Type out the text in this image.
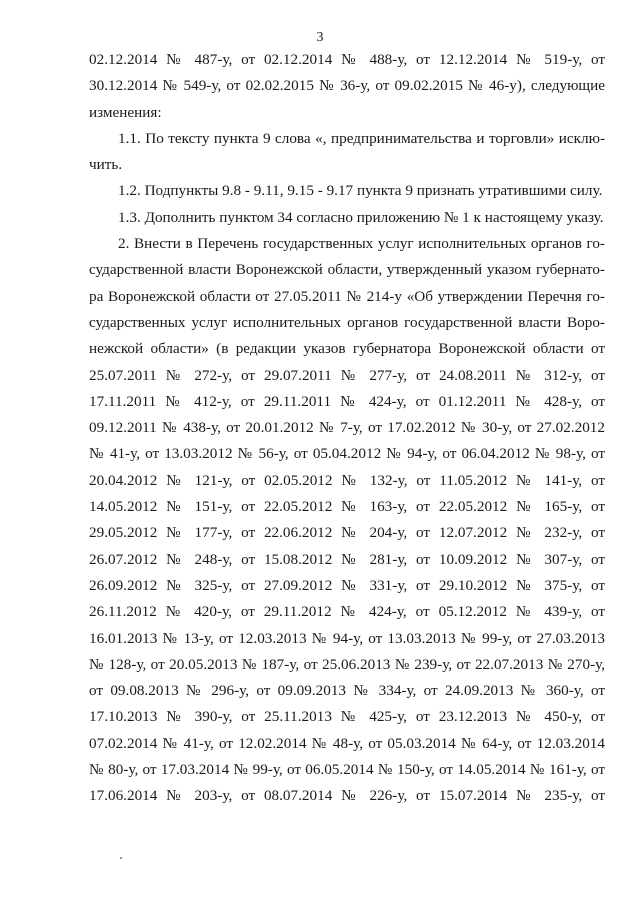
3
02.12.2014 № 487-у, от 02.12.2014 № 488-у, от 12.12.2014 № 519-у, от
30.12.2014 № 549-у, от 02.02.2015 № 36-у, от 09.02.2015 № 46-у), следующие
изменения:
1.1. По тексту пункта 9 слова «, предпринимательства и торговли» исклю-
чить.
1.2. Подпункты 9.8 - 9.11, 9.15 - 9.17 пункта 9 признать утратившими силу.
1.3. Дополнить пунктом 34 согласно приложению № 1 к настоящему указу.
2. Внести в Перечень государственных услуг исполнительных органов го-
сударственной власти Воронежской области, утвержденный указом губернато-
ра Воронежской области от 27.05.2011 № 214-у «Об утверждении Перечня го-
сударственных услуг исполнительных органов государственной власти Воро-
нежской области» (в редакции указов губернатора Воронежской области от
25.07.2011 № 272-у, от 29.07.2011 № 277-у, от 24.08.2011 № 312-у, от
17.11.2011 № 412-у, от 29.11.2011 № 424-у, от 01.12.2011 № 428-у, от
09.12.2011 № 438-у, от 20.01.2012 № 7-у, от 17.02.2012 № 30-у, от 27.02.2012
№ 41-у, от 13.03.2012 № 56-у, от 05.04.2012 № 94-у, от 06.04.2012 № 98-у, от
20.04.2012 № 121-у, от 02.05.2012 № 132-у, от 11.05.2012 № 141-у, от
14.05.2012 № 151-у, от 22.05.2012 № 163-у, от 22.05.2012 № 165-у, от
29.05.2012 № 177-у, от 22.06.2012 № 204-у, от 12.07.2012 № 232-у, от
26.07.2012 № 248-у, от 15.08.2012 № 281-у, от 10.09.2012 № 307-у, от
26.09.2012 № 325-у, от 27.09.2012 № 331-у, от 29.10.2012 № 375-у, от
26.11.2012 № 420-у, от 29.11.2012 № 424-у, от 05.12.2012 № 439-у, от
16.01.2013 № 13-у, от 12.03.2013 № 94-у, от 13.03.2013 № 99-у, от 27.03.2013
№ 128-у, от 20.05.2013 № 187-у, от 25.06.2013 № 239-у, от 22.07.2013 № 270-у,
от 09.08.2013 № 296-у, от 09.09.2013 № 334-у, от 24.09.2013 № 360-у, от
17.10.2013 № 390-у, от 25.11.2013 № 425-у, от 23.12.2013 № 450-у, от
07.02.2014 № 41-у, от 12.02.2014 № 48-у, от 05.03.2014 № 64-у, от 12.03.2014
№ 80-у, от 17.03.2014 № 99-у, от 06.05.2014 № 150-у, от 14.05.2014 № 161-у, от
17.06.2014 № 203-у, от 08.07.2014 № 226-у, от 15.07.2014 № 235-у, от
